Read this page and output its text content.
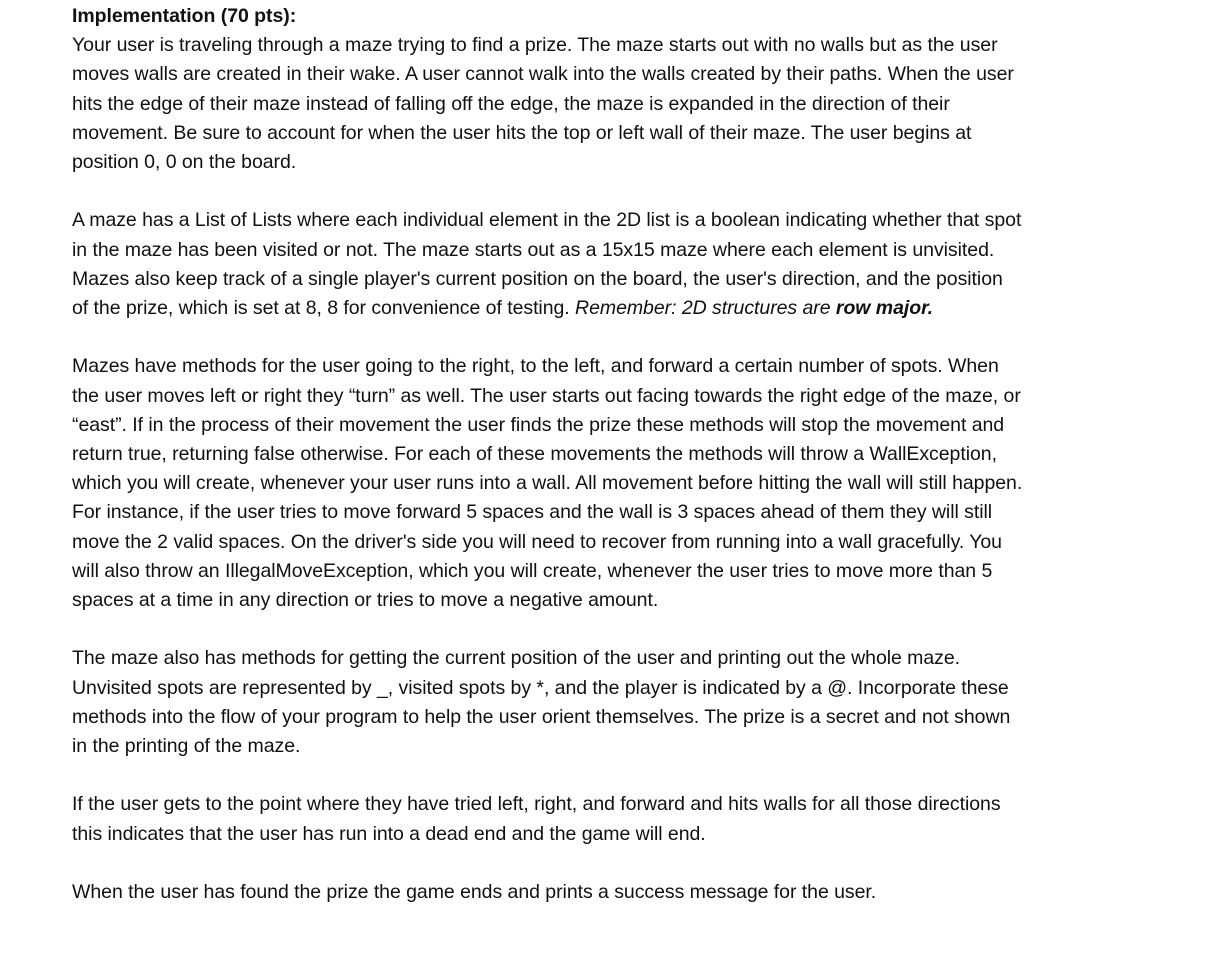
Implementation (70 pts):
Your user is traveling through a maze trying to find a prize. The maze starts out with no walls but as the user
moves walls are created in their wake. A user cannot walk into the walls created by their paths. When the user
hits the edge of their maze instead of falling off the edge, the maze is expanded in the direction of their
movement. Be sure to account for when the user hits the top or left wall of their maze. The user begins at
position 0, 0 on the board.
A maze has a List of Lists where each individual element in the 2D list is a boolean indicating whether that spot
in the maze has been visited or not. The maze starts out as a 15x15 maze where each element is unvisited.
Mazes also keep track of a single player's current position on the board, the user's direction, and the position
of the prize, which is set at 8, 8 for convenience of testing. Remember: 2D structures are row major.
Mazes have methods for the user going to the right, to the left, and forward a certain number of spots. When
the user moves left or right they “turn” as well. The user starts out facing towards the right edge of the maze, or
“east”. If in the process of their movement the user finds the prize these methods will stop the movement and
return true, returning false otherwise. For each of these movements the methods will throw a WallException,
which you will create, whenever your user runs into a wall. All movement before hitting the wall will still happen.
For instance, if the user tries to move forward 5 spaces and the wall is 3 spaces ahead of them they will still
move the 2 valid spaces. On the driver's side you will need to recover from running into a wall gracefully. You
will also throw an IllegalMoveException, which you will create, whenever the user tries to move more than 5
spaces at a time in any direction or tries to move a negative amount.
The maze also has methods for getting the current position of the user and printing out the whole maze.
Unvisited spots are represented by _, visited spots by *, and the player is indicated by a @. Incorporate these
methods into the flow of your program to help the user orient themselves. The prize is a secret and not shown
in the printing of the maze.
If the user gets to the point where they have tried left, right, and forward and hits walls for all those directions
this indicates that the user has run into a dead end and the game will end.
When the user has found the prize the game ends and prints a success message for the user.
